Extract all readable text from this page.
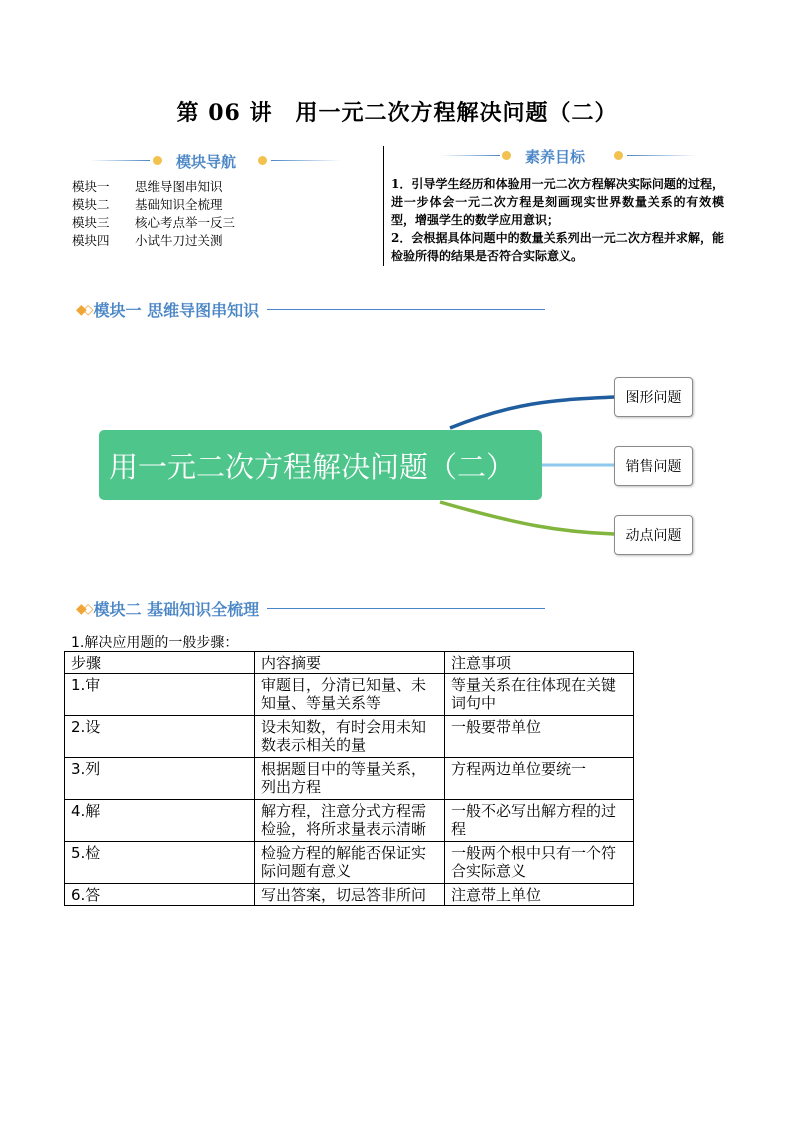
第 06 讲　用一元二次方程解决问题（二）
模块导航
模块一	思维导图串知识
模块二	基础知识全梳理
模块三	核心考点举一反三
模块四	小试牛刀过关测
素养目标
1．引导学生经历和体验用一元二次方程解决实际问题的过程，进一步体会一元二次方程是刻画现实世界数量关系的有效模型，增强学生的数学应用意识；
2．会根据具体问题中的数量关系列出一元二次方程并求解，能检验所得的结果是否符合实际意义。
◆◇ 模块一 思维导图串知识
用一元二次方程解决问题（二）
图形问题
销售问题
动点问题
◆◇ 模块二 基础知识全梳理
1.解决应用题的一般步骤：
步骤	内容摘要	注意事项
1.审	审题目，分清已知量、未知量、等量关系等	等量关系在往体现在关键词句中
2.设	设未知数，有时会用未知数表示相关的量	一般要带单位
3.列	根据题目中的等量关系，列出方程	方程两边单位要统一
4.解	解方程，注意分式方程需检验，将所求量表示清晰	一般不必写出解方程的过程
5.检	检验方程的解能否保证实际问题有意义	一般两个根中只有一个符合实际意义
6.答	写出答案，切忌答非所问	注意带上单位
